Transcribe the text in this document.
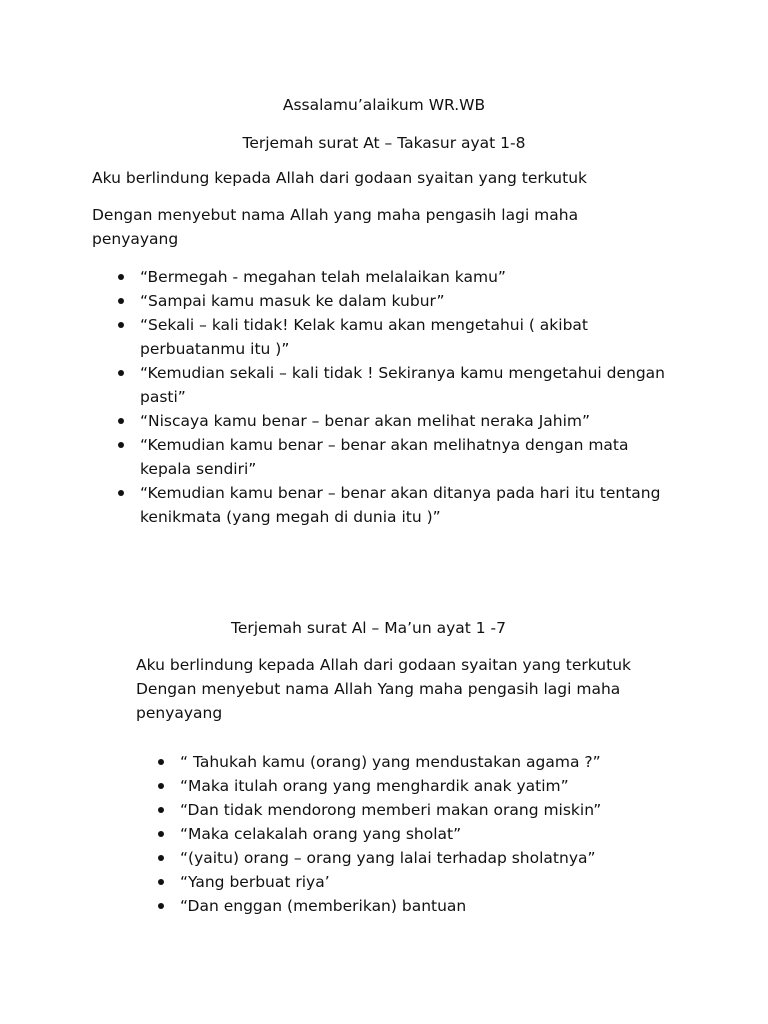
Assalamu’alaikum WR.WB
Terjemah surat At – Takasur ayat 1-8
Aku berlindung kepada Allah dari godaan syaitan yang terkutuk
Dengan menyebut nama Allah yang maha pengasih lagi maha penyayang
“Bermegah - megahan telah melalaikan kamu”
“Sampai kamu masuk ke dalam kubur”
“Sekali – kali tidak! Kelak kamu akan mengetahui ( akibat perbuatanmu itu )”
“Kemudian sekali – kali tidak ! Sekiranya kamu mengetahui dengan pasti”
“Niscaya kamu benar – benar akan melihat neraka Jahim”
“Kemudian kamu benar – benar akan melihatnya dengan mata kepala sendiri”
“Kemudian kamu benar – benar akan ditanya pada hari itu tentang kenikmata (yang megah di dunia itu )”
Terjemah surat Al – Ma’un ayat 1 -7
Aku berlindung kepada Allah dari godaan syaitan yang terkutuk Dengan menyebut nama Allah Yang maha pengasih lagi maha penyayang
“ Tahukah kamu (orang) yang mendustakan agama ?”
“Maka itulah orang yang menghardik anak yatim”
“Dan tidak mendorong memberi makan orang miskin”
“Maka celakalah orang yang sholat”
“(yaitu) orang – orang yang lalai terhadap sholatnya”
“Yang berbuat riya’
“Dan enggan (memberikan) bantuan
